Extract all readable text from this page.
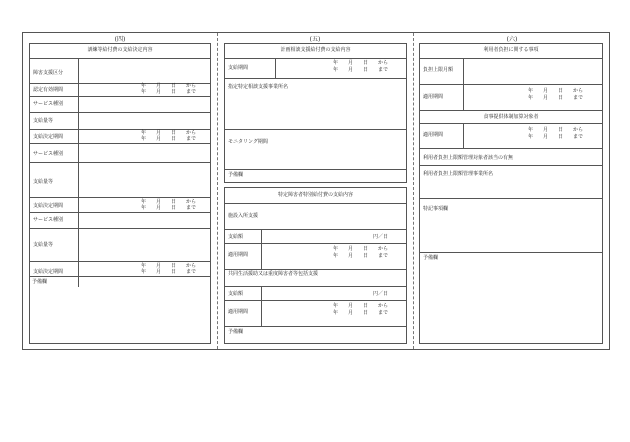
(四)
訓練等給付費の支給決定内容
障害支援区分
認定有効期間
年　　月　　日　　から
年　　月　　日　　まで
サービス種別
支給量等
支給決定期間
年　　月　　日　　から
年　　月　　日　　まで
サービス種別
支給量等
支給決定期間
年　　月　　日　　から
年　　月　　日　　まで
サービス種別
支給量等
支給決定期間
年　　月　　日　　から
年　　月　　日　　まで
予備欄
(五)
計画相談支援給付費の支給内容
支給期間
年　　月　　日　　から
年　　月　　日　　まで
指定特定相談支援事業所名
モニタリング期間
予備欄
特定障害者特別給付費の支給内容
施設入所支援
支給額	円／日
適用期間
年　　月　　日　　から
年　　月　　日　　まで
共同生活援助又は重度障害者等包括支援
支給額	円／日
適用期間
年　　月　　日　　から
年　　月　　日　　まで
予備欄
(六)
利用者負担に関する事項
負担上限月額
適用期間
年　　月　　日　　から
年　　月　　日　　まで
食事提供体制加算対象者
適用期間
年　　月　　日　　から
年　　月　　日　　まで
利用者負担上限額管理対象者該当の有無
利用者負担上限額管理事業所名
特記事項欄
予備欄
